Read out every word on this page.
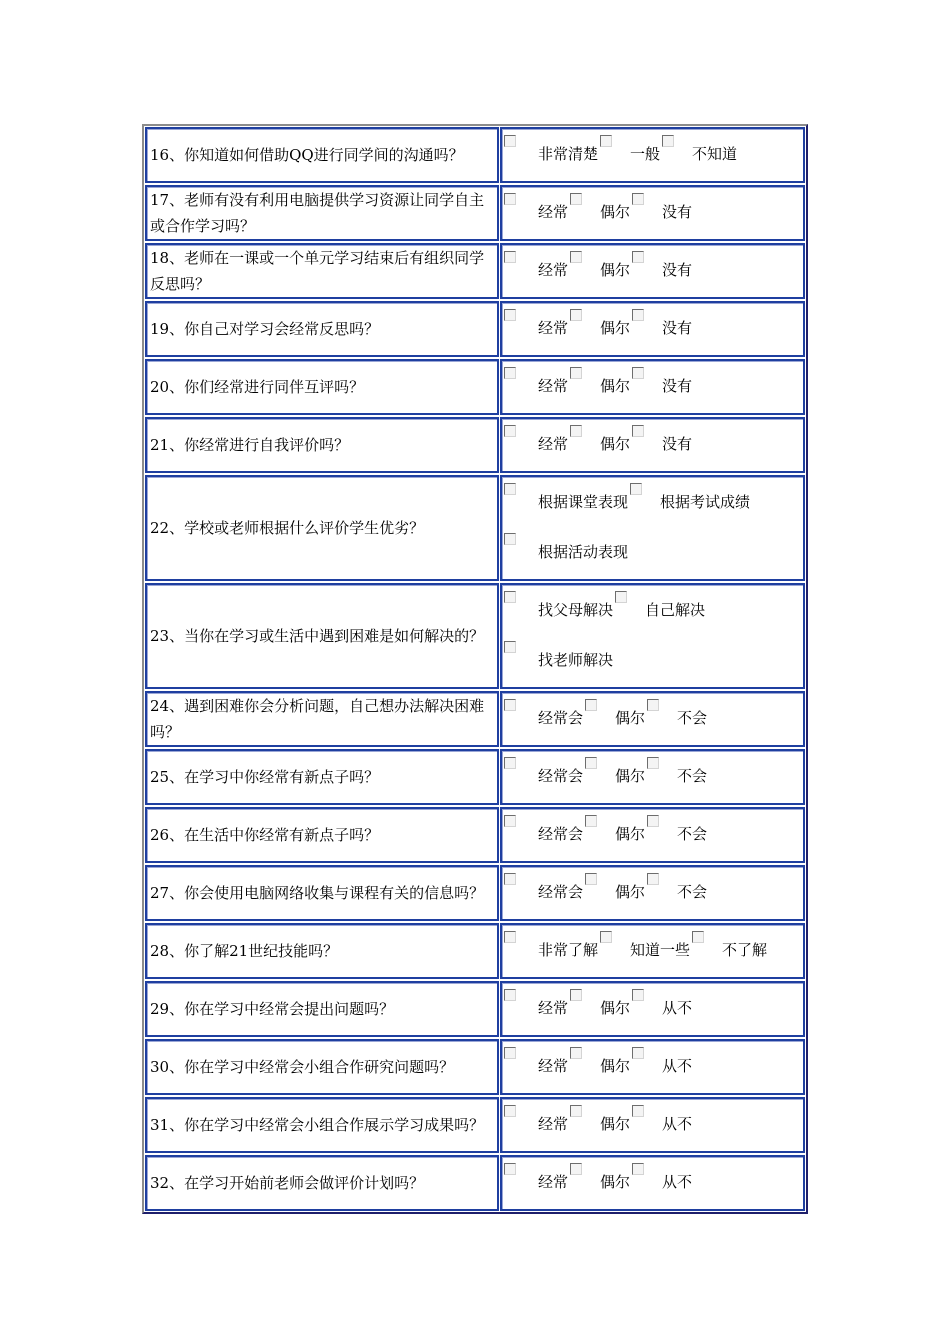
16、你知道如何借助QQ进行同学间的沟通吗？	非常清楚 一般 不知道
17、老师有没有利用电脑提供学习资源让同学自主或合作学习吗？
经常 偶尔 没有
18、老师在一课或一个单元学习结束后有组织同学反思吗？
经常 偶尔 没有
19、你自己对学习会经常反思吗？	经常 偶尔 没有
20、你们经常进行同伴互评吗？	经常 偶尔 没有
21、你经常进行自我评价吗？	经常 偶尔 没有
22、学校或老师根据什么评价学生优劣？
根据课堂表现 根据考试成绩
根据活动表现
23、当你在学习或生活中遇到困难是如何解决的？
找父母解决 自己解决
找老师解决
24、遇到困难你会分析问题，自己想办法解决困难吗？
经常会 偶尔 不会
25、在学习中你经常有新点子吗？	经常会 偶尔 不会
26、在生活中你经常有新点子吗？	经常会 偶尔 不会
27、你会使用电脑网络收集与课程有关的信息吗？	经常会 偶尔 不会
28、你了解21世纪技能吗？	非常了解 知道一些 不了解
29、你在学习中经常会提出问题吗？	经常 偶尔 从不
30、你在学习中经常会小组合作研究问题吗？	经常 偶尔 从不
31、你在学习中经常会小组合作展示学习成果吗？	经常 偶尔 从不
32、在学习开始前老师会做评价计划吗？	经常 偶尔 从不
